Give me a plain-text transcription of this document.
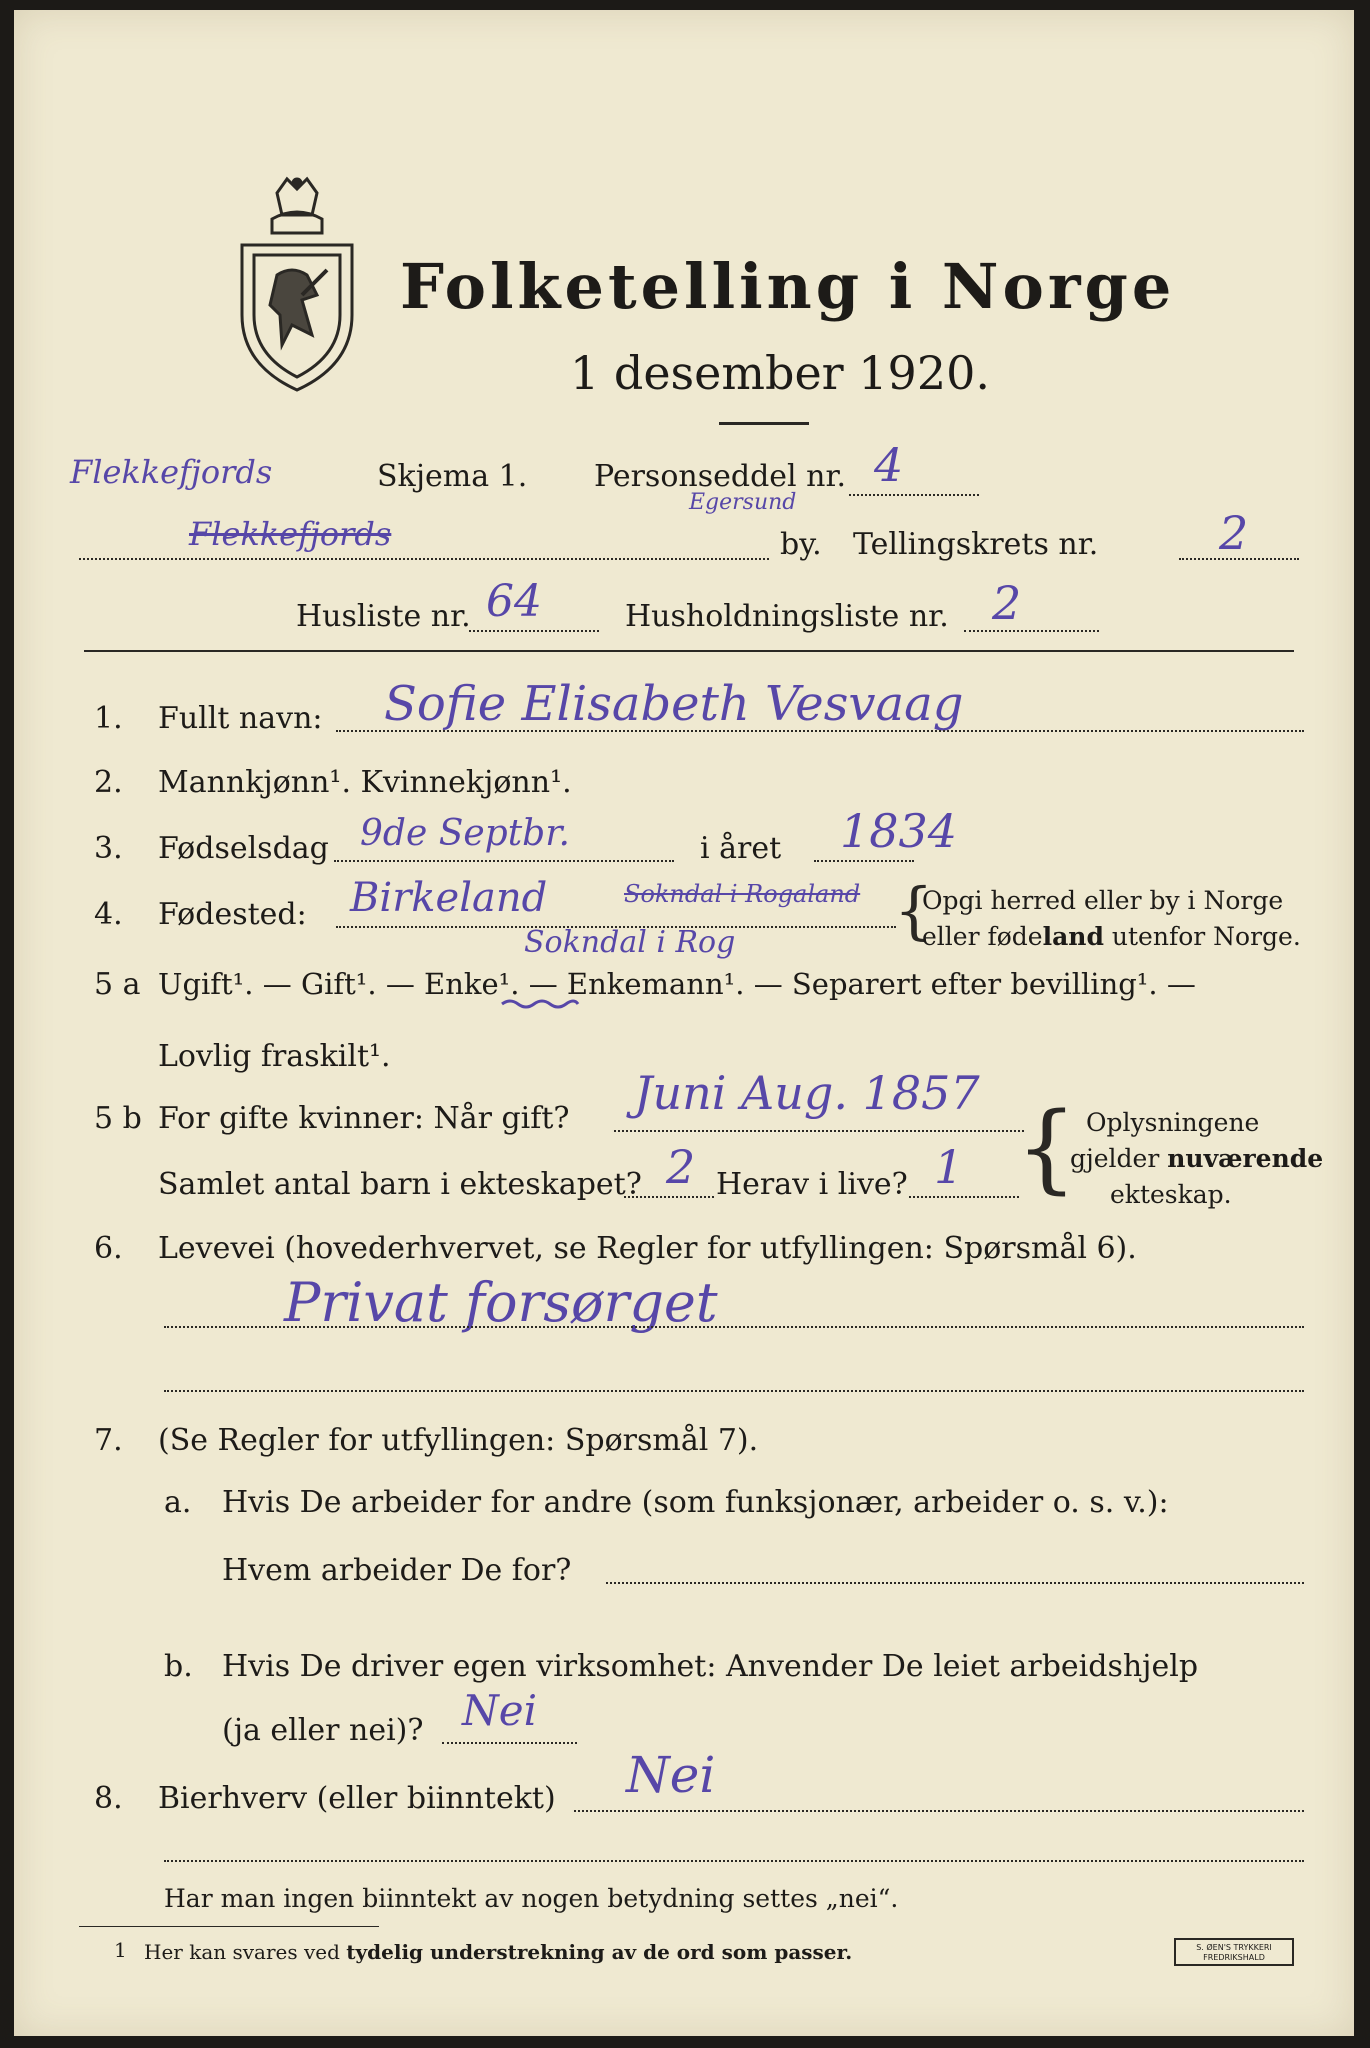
Folketelling i Norge
1 desember 1920.
Flekkefjords	Skjema 1. Personseddel nr. 4
Egersund
Flekkefjords	by. Tellingskrets nr.	2
Husliste nr. 64	Husholdningsliste nr. 2
1. Fullt navn: Sofie Elisabeth Vesvaag
2. Mannkjønn¹. Kvinnekjønn¹.
3. Fødselsdag 9de Septbr.	i året 1834
4. Fødested: Birkeland	Sokndal i Rogaland
Sokndal i Rog	{
Opgi herred eller by i Norge
eller fødeland utenfor Norge.
5 a Ugift¹. — Gift¹. — Enke¹. — Enkemann¹. — Separert efter bevilling¹. —
Lovlig fraskilt¹.
5 b For gifte kvinner: Når gift? Juni Aug. 1857
Samlet antal barn i ekteskapet? 2 Herav i live? 1 { Oplysningene
gjelder nuværende
ekteskap.
6. Levevei (hovederhvervet, se Regler for utfyllingen: Spørsmål 6).
Privat forsørget
7. (Se Regler for utfyllingen: Spørsmål 7).
a. Hvis De arbeider for andre (som funksjonær, arbeider o. s. v.):
Hvem arbeider De for?
b. Hvis De driver egen virksomhet: Anvender De leiet arbeidshjelp
(ja eller nei)? Nei
8. Bierhverv (eller biinntekt) Nei
Har man ingen biinntekt av nogen betydning settes „nei“.
1 Her kan svares ved tydelig understrekning av de ord som passer.	S. ØEN'S TRYKKERI
FREDRIKSHALD
